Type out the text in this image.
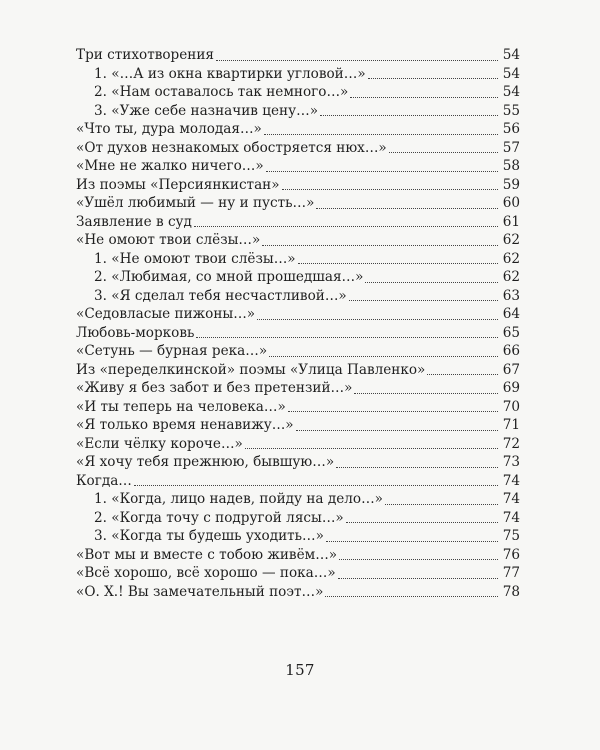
Три стихотворения	54
1. «…А из окна квартирки угловой…»	54
2. «Нам оставалось так немного…»	54
3. «Уже себе назначив цену…»	55
«Что ты, дура молодая…»	56
«От духов незнакомых обостряется нюх…»	57
«Мне не жалко ничего…»	58
Из поэмы «Персиянкистан»	59
«Ушёл любимый — ну и пусть…»	60
Заявление в суд	61
«Не омоют твои слёзы…»	62
1. «Не омоют твои слёзы…»	62
2. «Любимая, со мной прошедшая…»	62
3. «Я сделал тебя несчастливой…»	63
«Седовласые пижоны…»	64
Любовь-морковь	65
«Сетунь — бурная река…»	66
Из «переделкинской» поэмы «Улица Павленко»	67
«Живу я без забот и без претензий…»	69
«И ты теперь на человека…»	70
«Я только время ненавижу…»	71
«Если чёлку короче…»	72
«Я хочу тебя прежнюю, бывшую…»	73
Когда…	74
1. «Когда, лицо надев, пойду на дело…»	74
2. «Когда точу с подругой лясы…»	74
3. «Когда ты будешь уходить…»	75
«Вот мы и вместе с тобою живём…»	76
«Всё хорошо, всё хорошо — пока…»	77
«О. Х.! Вы замечательный поэт…»	78
157
